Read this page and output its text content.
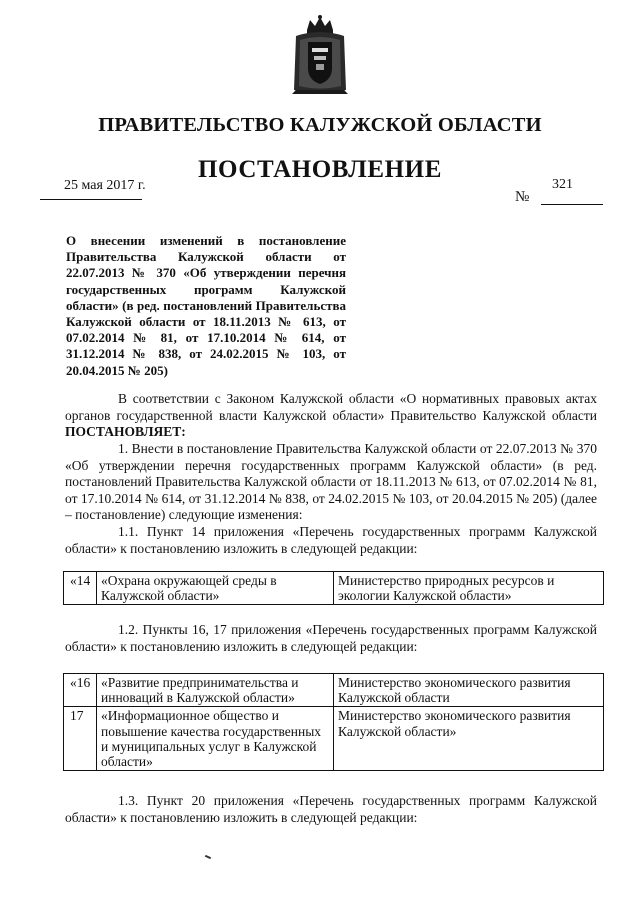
ПРАВИТЕЛЬСТВО КАЛУЖСКОЙ ОБЛАСТИ
ПОСТАНОВЛЕНИЕ
25 мая 2017 г.
№
321
О внесении изменений в постановление Правительства Калужской области от 22.07.2013 № 370 «Об утверждении перечня государственных программ Калужской области» (в ред. постановлений Правительства Калужской области от 18.11.2013 № 613, от 07.02.2014 № 81, от 17.10.2014 № 614, от 31.12.2014 № 838, от 24.02.2015 № 103, от 20.04.2015 № 205)

В соответствии с Законом Калужской области «О нормативных правовых актах органов государственной власти Калужской области» Правительство Калужской области ПОСТАНОВЛЯЕТ:

1. Внести в постановление Правительства Калужской области от 22.07.2013 № 370 «Об утверждении перечня государственных программ Калужской области» (в ред. постановлений Правительства Калужской области от 18.11.2013 № 613, от 07.02.2014 № 81, от 17.10.2014 № 614, от 31.12.2014 № 838, от 24.02.2015 № 103, от 20.04.2015 № 205) (далее – постановление) следующие изменения:

1.1. Пункт 14 приложения «Перечень государственных программ Калужской области» к постановлению изложить в следующей редакции:

«14	«Охрана окружающей среды в Калужской области»	Министерство природных ресурсов и экологии Калужской области»

1.2. Пункты 16, 17 приложения «Перечень государственных программ Калужской области» к постановлению изложить в следующей редакции:

«16	«Развитие предпринимательства и инноваций в Калужской области»	Министерство экономического развития Калужской области
17	«Информационное общество и повышение качества государственных и муниципальных услуг в Калужской области»	Министерство экономического развития Калужской области»

1.3. Пункт 20 приложения «Перечень государственных программ Калужской области» к постановлению изложить в следующей редакции:
